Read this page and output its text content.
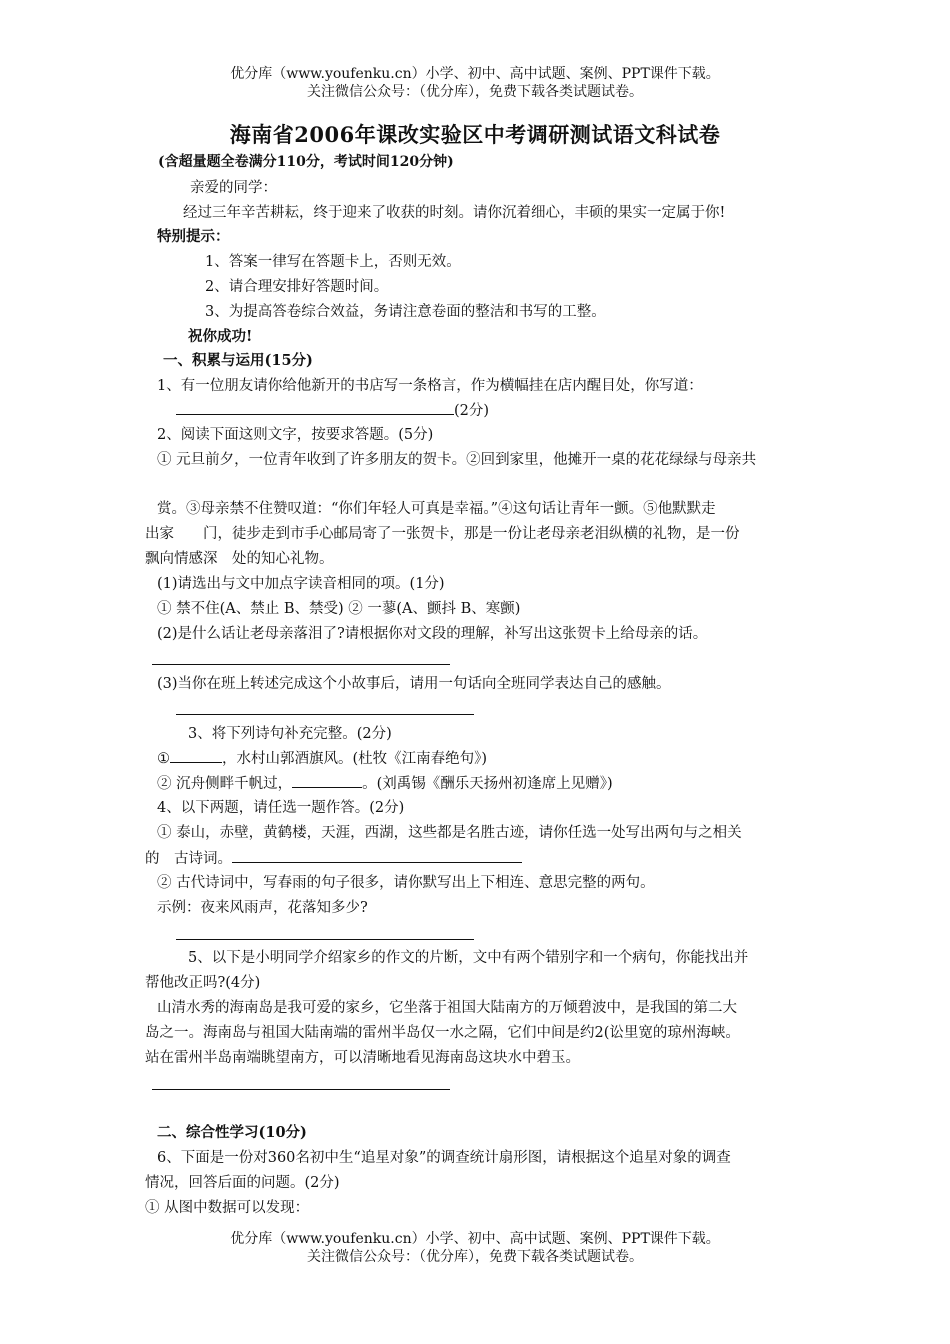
优分库（www.youfenku.cn）小学、初中、高中试题、案例、PPT课件下载。
关注微信公众号：（优分库），免费下载各类试题试卷。
海南省2006年课改实验区中考调研测试语文科试卷
(含超量题全卷满分110分，考试时间120分钟)
亲爱的同学：
经过三年辛苦耕耘，终于迎来了收获的时刻。请你沉着细心，丰硕的果实一定属于你!
特别提示：
1、答案一律写在答题卡上，否则无效。
2、请合理安排好答题时间。
3、为提高答卷综合效益，务请注意卷面的整洁和书写的工整。
祝你成功!
一、积累与运用(15分)
1、有一位朋友请你给他新开的书店写一条格言，作为横幅挂在店内醒目处，你写道：
(2分)
2、阅读下面这则文字，按要求答题。(5分)
① 元旦前夕，一位青年收到了许多朋友的贺卡。②回到家里，他摊开一桌的花花绿绿与母亲共
赏。③母亲禁不住赞叹道：“你们年轻人可真是幸福。”④这句话让青年一颤。⑤他默默走
出家　　门，徒步走到市手心邮局寄了一张贺卡，那是一份让老母亲老泪纵横的礼物，是一份
飘向情感深　处的知心礼物。
(1)请选出与文中加点字读音相同的项。(1分)
① 禁不住(A、禁止 B、禁受) ② 一蓼(A、颤抖 B、寒颤)
(2)是什么话让老母亲落泪了?请根据你对文段的理解，补写出这张贺卡上给母亲的话。
(3)当你在班上转述完成这个小故事后，请用一句话向全班同学表达自己的感触。
3、将下列诗句补充完整。(2分)
①	，水村山郭酒旗风。(杜牧《江南春绝句》)
② 沉舟侧畔千帆过，	。(刘禹锡《酬乐天扬州初逢席上见赠》)
4、以下两题，请任选一题作答。(2分)
① 泰山，赤壁，黄鹤楼，天涯，西湖，这些都是名胜古迹，请你任选一处写出两句与之相关
的　古诗词。
② 古代诗词中，写春雨的句子很多，请你默写出上下相连、意思完整的两句。
示例：夜来风雨声，花落知多少?
5、以下是小明同学介绍家乡的作文的片断，文中有两个错别字和一个病句，你能找出并
帮他改正吗?(4分)
山清水秀的海南岛是我可爱的家乡，它坐落于祖国大陆南方的万倾碧波中，是我国的第二大
岛之一。海南岛与祖国大陆南端的雷州半岛仅一水之隔，它们中间是约2(讼里宽的琼州海峡。
站在雷州半岛南端眺望南方，可以清晰地看见海南岛这块水中碧玉。
二、综合性学习(10分)
6、下面是一份对360名初中生“追星对象”的调查统计扇形图，请根据这个追星对象的调查
情况，回答后面的问题。(2分)
① 从图中数据可以发现：
优分库（www.youfenku.cn）小学、初中、高中试题、案例、PPT课件下载。
关注微信公众号：（优分库），免费下载各类试题试卷。
